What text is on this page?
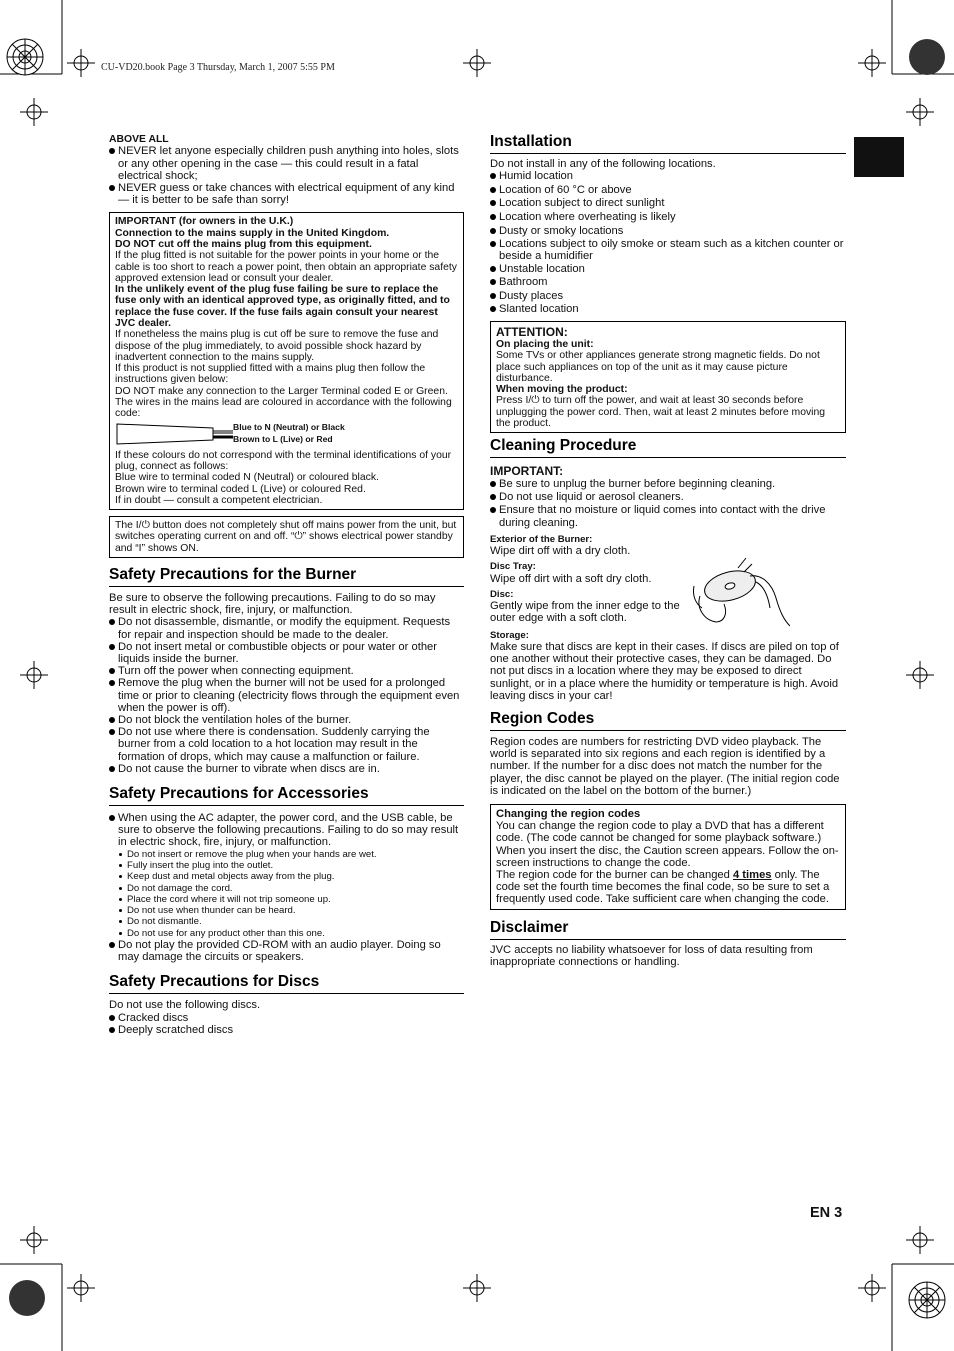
CU-VD20.book Page 3 Thursday, March 1, 2007 5:55 PM

ABOVE ALL

NEVER let anyone especially children push anything into holes, slots or any other opening in the case — this could result in a fatal electrical shock;
NEVER guess or take chances with electrical equipment of any kind — it is better to be safe than sorry!

IMPORTANT (for owners in the U.K.)

Connection to the mains supply in the United Kingdom.

DO NOT cut off the mains plug from this equipment.

If the plug fitted is not suitable for the power points in your home or the cable is too short to reach a power point, then obtain an appropriate safety approved extension lead or consult your dealer.

In the unlikely event of the plug fuse failing be sure to replace the fuse only with an identical approved type, as originally fitted, and to replace the fuse cover. If the fuse fails again consult your nearest JVC dealer.

If nonetheless the mains plug is cut off be sure to remove the fuse and dispose of the plug immediately, to avoid possible shock hazard by inadvertent connection to the mains supply.

If this product is not supplied fitted with a mains plug then follow the instructions given below:

DO NOT make any connection to the Larger Terminal coded E or Green.

The wires in the mains lead are coloured in accordance with the following code:

Blue to N (Neutral) or Black
Brown to L (Live) or Red

If these colours do not correspond with the terminal identifications of your plug, connect as follows:

Blue wire to terminal coded N (Neutral) or coloured black.

Brown wire to terminal coded L (Live) or coloured Red.

If in doubt — consult a competent electrician.

The I/⏻ button does not completely shut off mains power from the unit, but switches operating current on and off. “⏻” shows electrical power standby and “I” shows ON.

Safety Precautions for the Burner

Be sure to observe the following precautions. Failing to do so may result in electric shock, fire, injury, or malfunction.

Do not disassemble, dismantle, or modify the equipment. Requests for repair and inspection should be made to the dealer.
Do not insert metal or combustible objects or pour water or other liquids inside the burner.
Turn off the power when connecting equipment.
Remove the plug when the burner will not be used for a prolonged time or prior to cleaning (electricity flows through the equipment even when the power is off).
Do not block the ventilation holes of the burner.
Do not use where there is condensation. Suddenly carrying the burner from a cold location to a hot location may result in the formation of drops, which may cause a malfunction or failure.
Do not cause the burner to vibrate when discs are in.
Safety Precautions for Accessories
When using the AC adapter, the power cord, and the USB cable, be sure to observe the following precautions. Failing to do so may result in electric shock, fire, injury, or malfunction.
Do not insert or remove the plug when your hands are wet.
Fully insert the plug into the outlet.
Keep dust and metal objects away from the plug.
Do not damage the cord.
Place the cord where it will not trip someone up.
Do not use when thunder can be heard.
Do not dismantle.
Do not use for any product other than this one.
Do not play the provided CD-ROM with an audio player. Doing so may damage the circuits or speakers.
Safety Precautions for Discs

Do not use the following discs.

Cracked discs
Deeply scratched discs
Installation

Do not install in any of the following locations.

Humid location
Location of 60 °C or above
Location subject to direct sunlight
Location where overheating is likely
Dusty or smoky locations
Locations subject to oily smoke or steam such as a kitchen counter or beside a humidifier
Unstable location
Bathroom
Dusty places
Slanted location

ATTENTION:

On placing the unit:

Some TVs or other appliances generate strong magnetic fields. Do not place such appliances on top of the unit as it may cause picture disturbance.

When moving the product:

Press I/⏻ to turn off the power, and wait at least 30 seconds before unplugging the power cord. Then, wait at least 2 minutes before moving the product.

Cleaning Procedure

IMPORTANT:

Be sure to unplug the burner before beginning cleaning.
Do not use liquid or aerosol cleaners.
Ensure that no moisture or liquid comes into contact with the drive during cleaning.

Exterior of the Burner:

Wipe dirt off with a dry cloth.

Disc Tray:

Wipe off dirt with a soft dry cloth.

Disc:

Gently wipe from the inner edge to the outer edge with a soft cloth.

Storage:

Make sure that discs are kept in their cases. If discs are piled on top of one another without their protective cases, they can be damaged. Do not put discs in a location where they may be exposed to direct sunlight, or in a place where the humidity or temperature is high. Avoid leaving discs in your car!

Region Codes

Region codes are numbers for restricting DVD video playback. The world is separated into six regions and each region is identified by a number. If the number for a disc does not match the number for the player, the disc cannot be played on the player. (The initial region code is indicated on the label on the bottom of the burner.)

Changing the region codes

You can change the region code to play a DVD that has a different code. (The code cannot be changed for some playback software.) When you insert the disc, the Caution screen appears. Follow the on-screen instructions to change the code.

The region code for the burner can be changed 4 times only. The code set the fourth time becomes the final code, so be sure to set a frequently used code. Take sufficient care when changing the code.

Disclaimer

JVC accepts no liability whatsoever for loss of data resulting from inappropriate connections or handling.

EN 3
